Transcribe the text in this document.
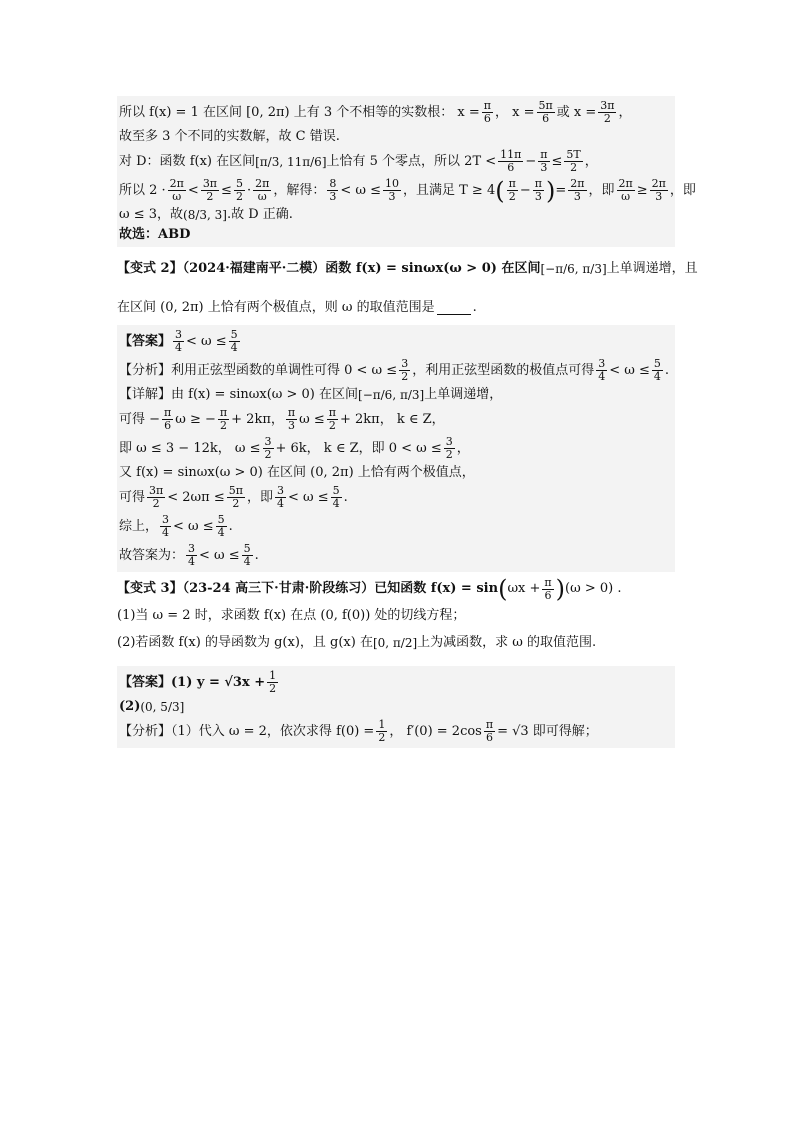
所以 f(x) = 1 在区间 [0, 2π) 上有 3 个不相等的实数根： $x = \frac{\pi}{6}$ ， $x = \frac{5\pi}{6}$ 或 $x = \frac{3\pi}{2}$ ，
故至多 3 个不同的实数解，故 C 错误.
对 D：函数 f(x) 在区间 [π/3, 11π/6] 上恰有 5 个零点，所以 $2T < \frac{11\pi}{6} - \frac{\pi}{3} \le \frac{5T}{2}$ ，
所以 $2 \cdot \frac{2\pi}{\omega} < \frac{3\pi}{2} \le \frac{5}{2} \cdot \frac{2\pi}{\omega}$ ，解得： $\frac{8}{3} < \omega \le \frac{10}{3}$ ，且满足 T ≥ 4 ( $\frac{\pi}{2} - \frac{\pi}{3}$ ) = $\frac{2\pi}{3}$ ，即 $\frac{2\pi}{\omega} \ge \frac{2\pi}{3}$ ，即
ω ≤ 3，故 (8/3, 3] .故 D 正确.
故选：ABD
【变式 2】（2024·福建南平·二模）函数 f(x) = sinωx(ω > 0) 在区间 [−π/6, π/3] 上单调递增，且
在区间 (0, 2π) 上恰有两个极值点，则 ω 的取值范围是	.
【答案】 $\frac{3}{4} < \omega \le \frac{5}{4}$
【分析】利用正弦型函数的单调性可得 $0 < \omega \le \frac{3}{2}$ ，利用正弦型函数的极值点可得 $\frac{3}{4} < \omega \le \frac{5}{4}$ .
【详解】由 f(x) = sinωx(ω > 0) 在区间 [−π/6, π/3] 上单调递增，
可得 − $\frac{\pi}{6}$ ω ≥ − $\frac{\pi}{2} + 2k\pi$， $\frac{\pi}{3}$ $\omega \le \frac{\pi}{2} + 2k\pi$， k ∈ Z，
即 ω ≤ 3 − 12k， $\omega \le \frac{3}{2} + 6k$， k ∈ Z，即 $0 < \omega \le \frac{3}{2}$ ，
又 f(x) = sinωx(ω > 0) 在区间 (0, 2π) 上恰有两个极值点，
可得 $\frac{3\pi}{2} < 2\omega\pi \le \frac{5\pi}{2}$ ，即 $\frac{3}{4} < \omega \le \frac{5}{4}$ .
综上， $\frac{3}{4} < \omega \le \frac{5}{4}$ .
故答案为： $\frac{3}{4} < \omega \le \frac{5}{4}$ .
【变式 3】（23-24 高三下·甘肃·阶段练习）已知函数 f(x) = sin ( $\omega x + \frac{\pi}{6}$ ) (ω > 0) .
(1)当 ω = 2 时，求函数 f(x) 在点 (0, f(0)) 处的切线方程；
(2)若函数 f(x) 的导函数为 g(x)，且 g(x) 在 [0, π/2] 上为减函数，求 ω 的取值范围.
【答案】(1) $y = √3x + \frac{1}{2}$
(2) (0, 5/3]
【分析】（1）代入 ω = 2，依次求得 $f(0) = \frac{1}{2}$ ， $f'(0) = 2\cos \frac{\pi}{6} = √3$ 即可得解；
